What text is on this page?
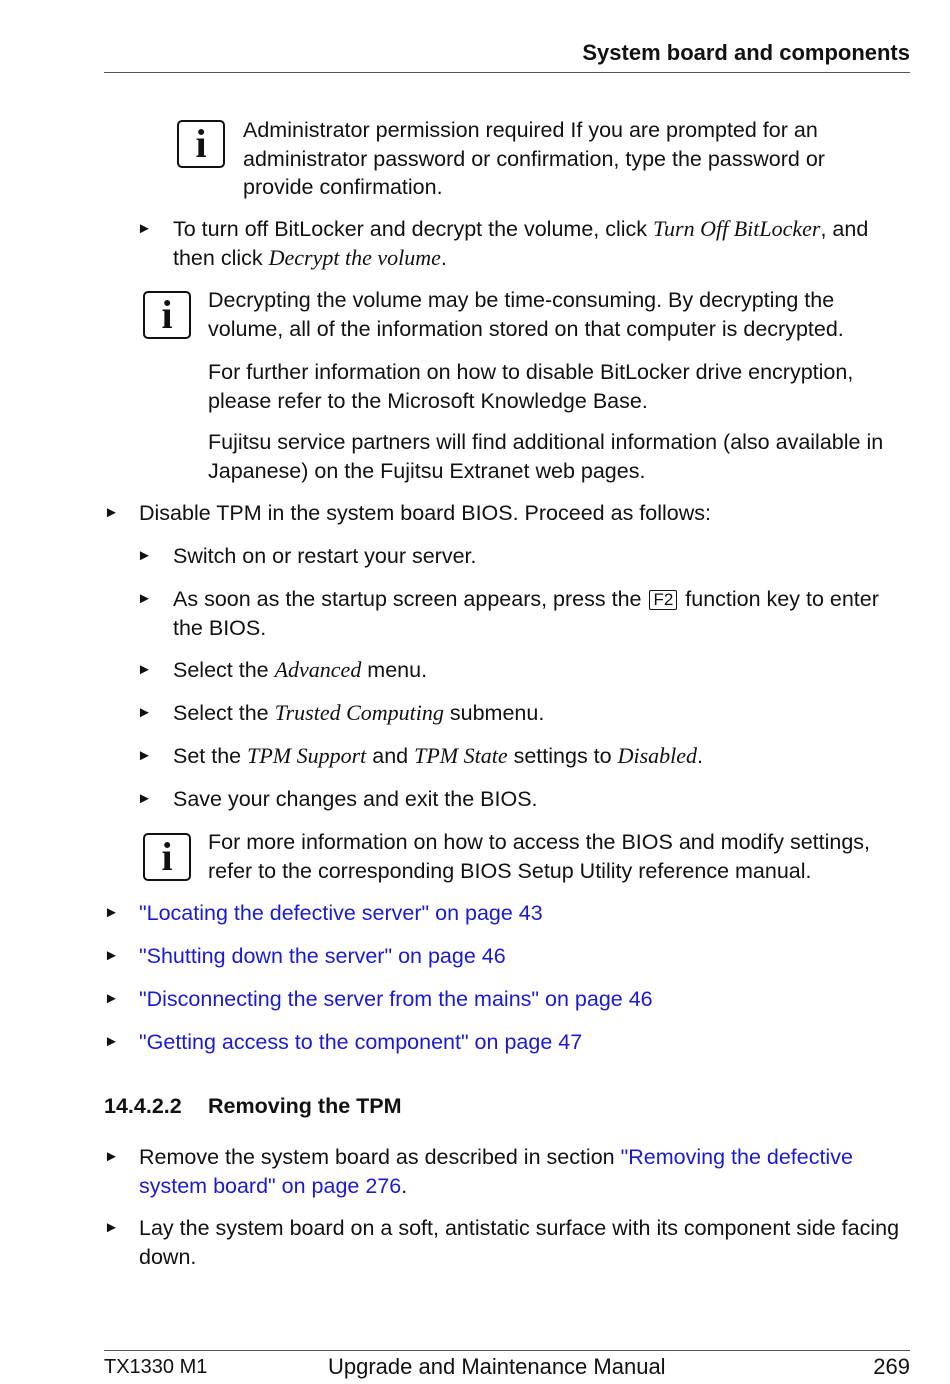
System board and components
i	Administrator permission required If you are prompted for an administrator password or confirmation, type the password or provide confirmation.

► To turn off BitLocker and decrypt the volume, click Turn Off BitLocker, and then click Decrypt the volume.

i	Decrypting the volume may be time-consuming. By decrypting the volume, all of the information stored on that computer is decrypted.

For further information on how to disable BitLocker drive encryption, please refer to the Microsoft Knowledge Base.

Fujitsu service partners will find additional information (also available in Japanese) on the Fujitsu Extranet web pages.

► Disable TPM in the system board BIOS. Proceed as follows:

► Switch on or restart your server.

► As soon as the startup screen appears, press the F2 function key to enter the BIOS.

► Select the Advanced menu.

► Select the Trusted Computing submenu.

► Set the TPM Support and TPM State settings to Disabled.

► Save your changes and exit the BIOS.

i	For more information on how to access the BIOS and modify settings, refer to the corresponding BIOS Setup Utility reference manual.

► "Locating the defective server" on page 43
► "Shutting down the server" on page 46
► "Disconnecting the server from the mains" on page 46
► "Getting access to the component" on page 47
14.4.2.2 Removing the TPM
► Remove the system board as described in section "Removing the defective system board" on page 276.

► Lay the system board on a soft, antistatic surface with its component side facing down.

TX1330 M1	Upgrade and Maintenance Manual	269
